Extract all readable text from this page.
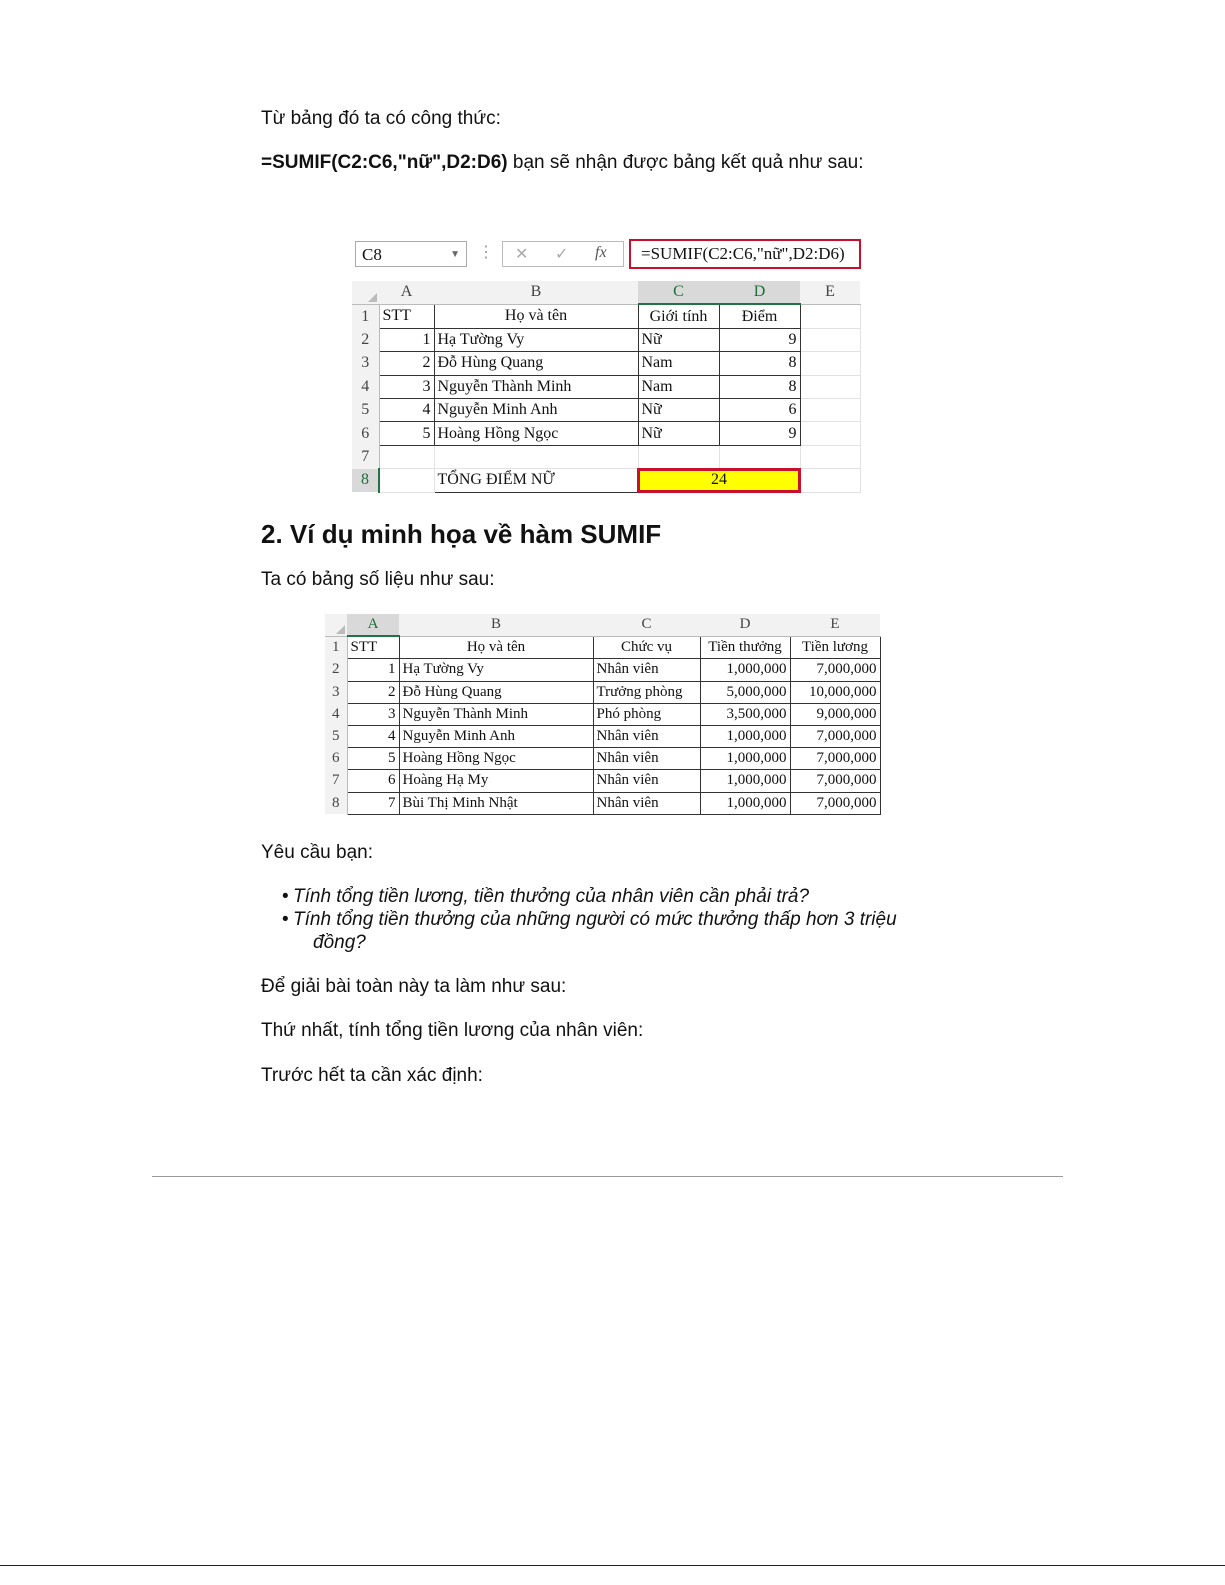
Từ bảng đó ta có công thức:

=SUMIF(C2:C6,"nữ",D2:D6) bạn sẽ nhận được bảng kết quả như sau:

C8	▼ ⋮ ✕ ✓ fx	=SUMIF(C2:C6,"nữ",D2:D6)
	A	B	C	D	E
1	STT	Họ và tên	Giới tính	Điểm	
2	1	Hạ Tường Vy	Nữ	9	
3	2	Đỗ Hùng Quang	Nam	8	
4	3	Nguyễn Thành Minh	Nam	8	
5	4	Nguyễn Minh Anh	Nữ	6	
6	5	Hoàng Hồng Ngọc	Nữ	9	
7					
8		TỔNG ĐIỂM NỮ	24		
2. Ví dụ minh họa về hàm SUMIF

Ta có bảng số liệu như sau:

	A	B	C	D	E
1	STT	Họ và tên	Chức vụ	Tiền thưởng	Tiền lương
2	1	Hạ Tường Vy	Nhân viên	1,000,000	7,000,000
3	2	Đỗ Hùng Quang	Trưởng phòng	5,000,000	10,000,000
4	3	Nguyễn Thành Minh	Phó phòng	3,500,000	9,000,000
5	4	Nguyễn Minh Anh	Nhân viên	1,000,000	7,000,000
6	5	Hoàng Hồng Ngọc	Nhân viên	1,000,000	7,000,000
7	6	Hoàng Hạ My	Nhân viên	1,000,000	7,000,000
8	7	Bùi Thị Minh Nhật	Nhân viên	1,000,000	7,000,000

Yêu cầu bạn:

• Tính tổng tiền lương, tiền thưởng của nhân viên cần phải trả?
• Tính tổng tiền thưởng của những người có mức thưởng thấp hơn 3 triệu
đồng?

Để giải bài toàn này ta làm như sau:

Thứ nhất, tính tổng tiền lương của nhân viên:

Trước hết ta cần xác định:
